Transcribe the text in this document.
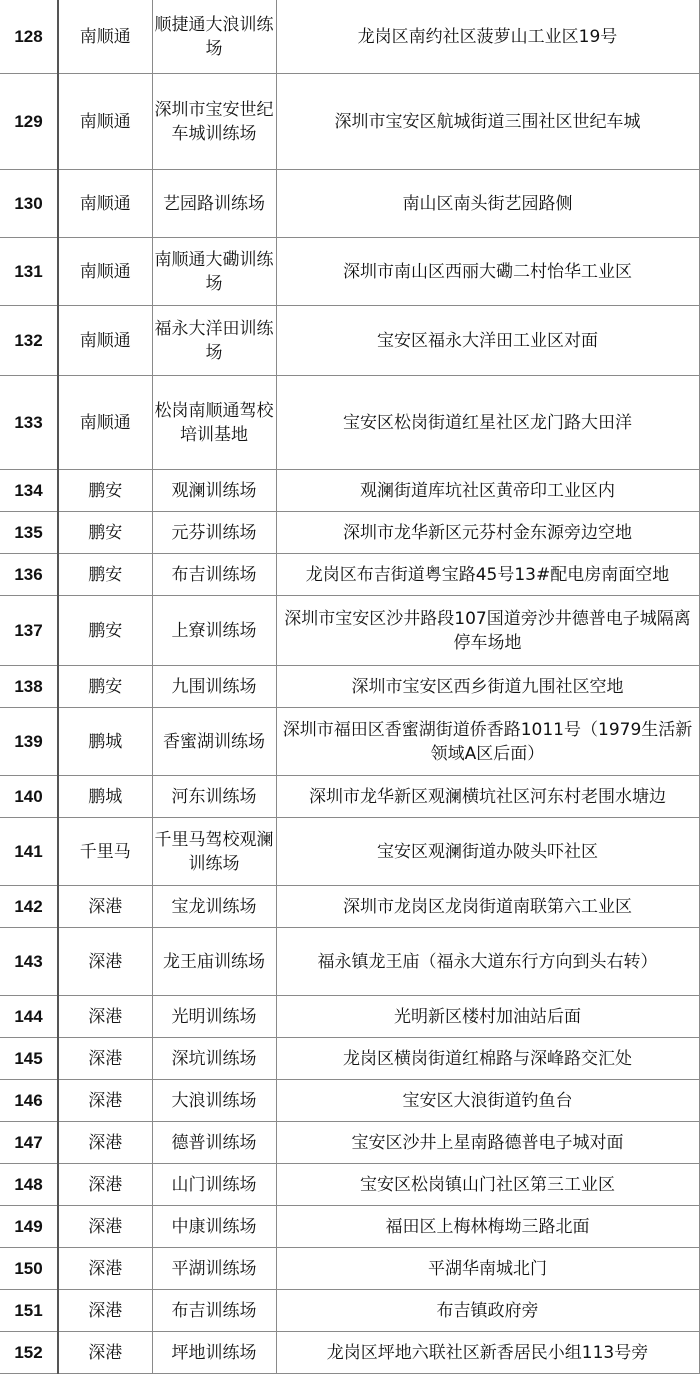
128	南顺通	顺捷通大浪训练场	龙岗区南约社区菠萝山工业区19号
129	南顺通	深圳市宝安世纪车城训练场	深圳市宝安区航城街道三围社区世纪车城
130	南顺通	艺园路训练场	南山区南头街艺园路侧
131	南顺通	南顺通大磡训练场	深圳市南山区西丽大磡二村怡华工业区
132	南顺通	福永大洋田训练场	宝安区福永大洋田工业区对面
133	南顺通	松岗南顺通驾校培训基地	宝安区松岗街道红星社区龙门路大田洋
134	鹏安	观澜训练场	观澜街道库坑社区黄帝印工业区内
135	鹏安	元芬训练场	深圳市龙华新区元芬村金东源旁边空地
136	鹏安	布吉训练场	龙岗区布吉街道粤宝路45号13#配电房南面空地
137	鹏安	上寮训练场	深圳市宝安区沙井路段107国道旁沙井德普电子城隔离停车场地
138	鹏安	九围训练场	深圳市宝安区西乡街道九围社区空地
139	鹏城	香蜜湖训练场	深圳市福田区香蜜湖街道侨香路1011号（1979生活新领域A区后面）
140	鹏城	河东训练场	深圳市龙华新区观澜横坑社区河东村老围水塘边
141	千里马	千里马驾校观澜训练场	宝安区观澜街道办陂头吓社区
142	深港	宝龙训练场	深圳市龙岗区龙岗街道南联第六工业区
143	深港	龙王庙训练场	福永镇龙王庙（福永大道东行方向到头右转）
144	深港	光明训练场	光明新区楼村加油站后面
145	深港	深坑训练场	龙岗区横岗街道红棉路与深峰路交汇处
146	深港	大浪训练场	宝安区大浪街道钓鱼台
147	深港	德普训练场	宝安区沙井上星南路德普电子城对面
148	深港	山门训练场	宝安区松岗镇山门社区第三工业区
149	深港	中康训练场	福田区上梅林梅坳三路北面
150	深港	平湖训练场	平湖华南城北门
151	深港	布吉训练场	布吉镇政府旁
152	深港	坪地训练场	龙岗区坪地六联社区新香居民小组113号旁
